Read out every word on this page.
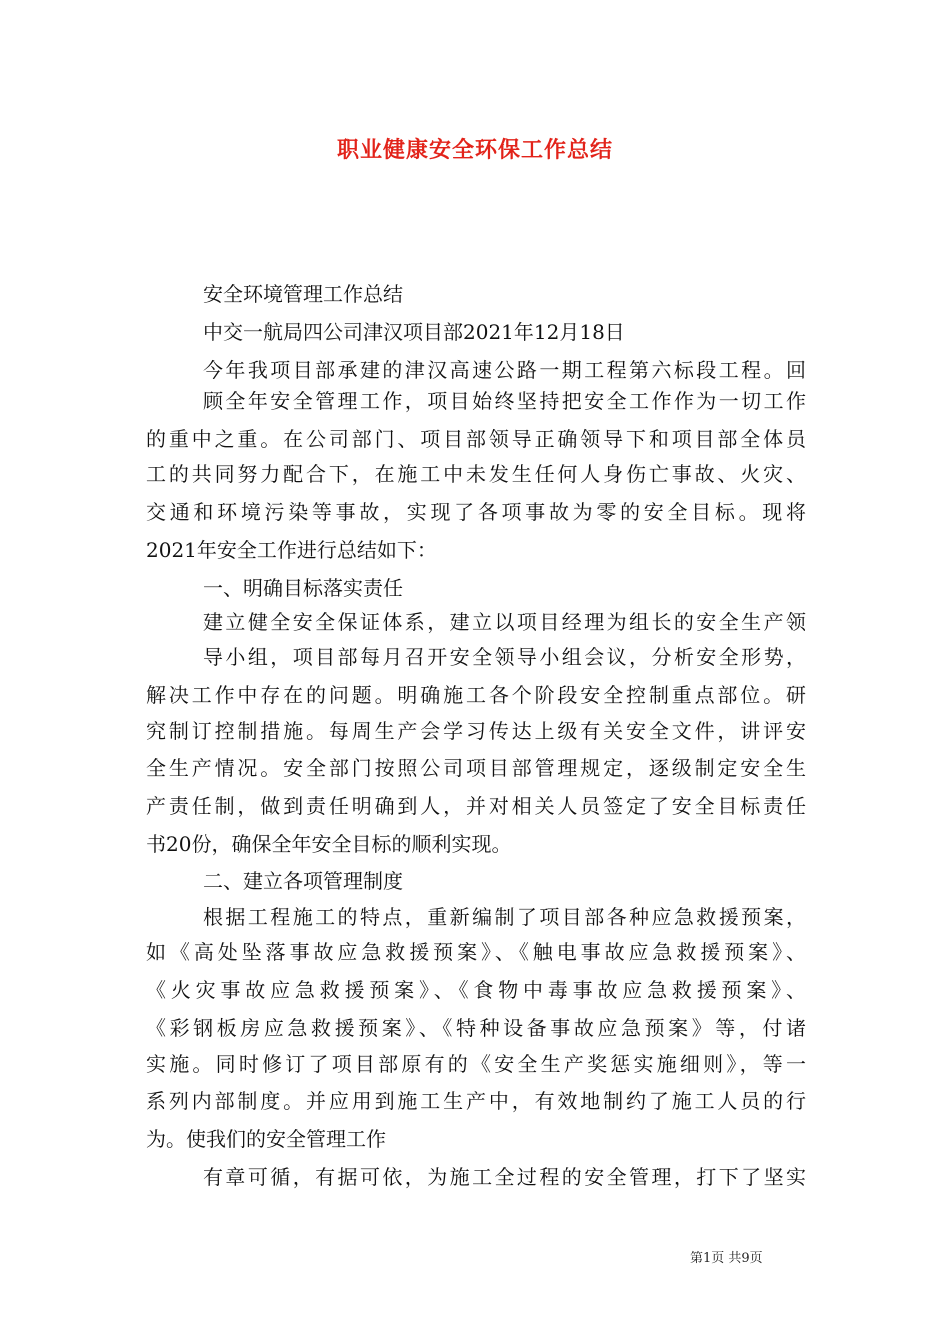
职业健康安全环保工作总结
安全环境管理工作总结
中交一航局四公司津汉项目部2021年12月18日
今年我项目部承建的津汉高速公路一期工程第六标段工程。回
顾全年安全管理工作，项目始终坚持把安全工作作为一切工作
的重中之重。在公司部门、项目部领导正确领导下和项目部全体员
工的共同努力配合下，在施工中未发生任何人身伤亡事故、火灾、
交通和环境污染等事故，实现了各项事故为零的安全目标。现将
2021年安全工作进行总结如下：
一、明确目标落实责任
建立健全安全保证体系，建立以项目经理为组长的安全生产领
导小组，项目部每月召开安全领导小组会议，分析安全形势，
解决工作中存在的问题。明确施工各个阶段安全控制重点部位。研
究制订控制措施。每周生产会学习传达上级有关安全文件，讲评安
全生产情况。安全部门按照公司项目部管理规定，逐级制定安全生
产责任制，做到责任明确到人，并对相关人员签定了安全目标责任
书20份，确保全年安全目标的顺利实现。
二、建立各项管理制度
根据工程施工的特点，重新编制了项目部各种应急救援预案，
如《高处坠落事故应急救援预案》、《触电事故应急救援预案》、
《火灾事故应急救援预案》、《食物中毒事故应急救援预案》、
《彩钢板房应急救援预案》、《特种设备事故应急预案》等，付诸
实施。同时修订了项目部原有的《安全生产奖惩实施细则》，等一
系列内部制度。并应用到施工生产中，有效地制约了施工人员的行
为。使我们的安全管理工作
有章可循，有据可依，为施工全过程的安全管理，打下了坚实
第1页 共9页
